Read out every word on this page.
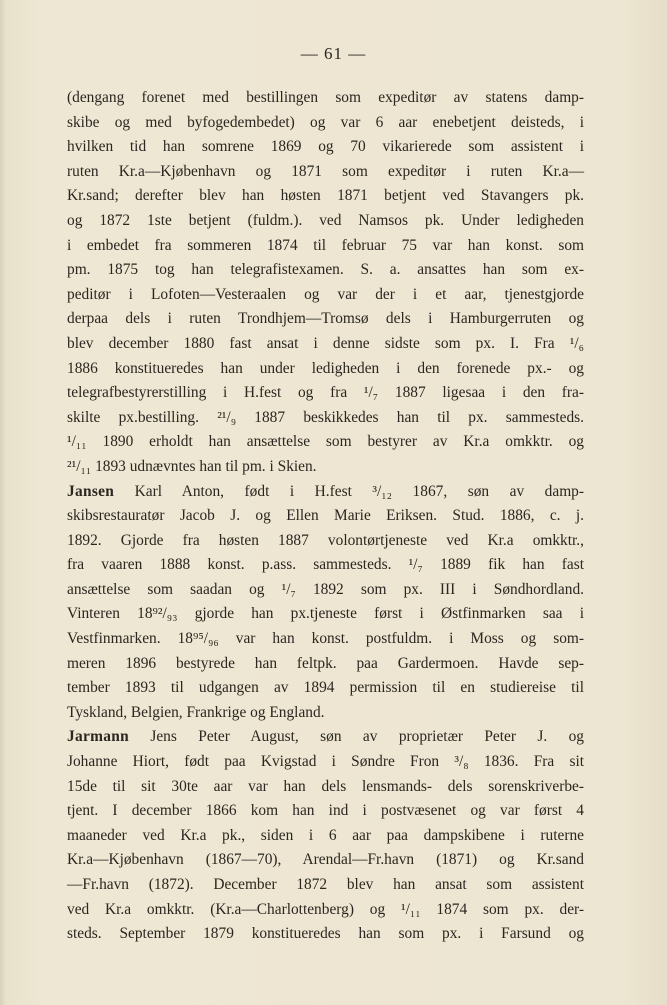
— 61 —
(dengang forenet med bestillingen som expeditør av statens damp-
skibe og med byfogedembedet) og var 6 aar enebetjent deisteds, i
hvilken tid han somrene 1869 og 70 vikarierede som assistent i
ruten Kr.a—Kjøbenhavn og 1871 som expeditør i ruten Kr.a—
Kr.sand; derefter blev han høsten 1871 betjent ved Stavangers pk.
og 1872 1ste betjent (fuldm.). ved Namsos pk. Under ledigheden
i embedet fra sommeren 1874 til februar 75 var han konst. som
pm. 1875 tog han telegrafistexamen. S. a. ansattes han som ex-
peditør i Lofoten—Vesteraalen og var der i et aar, tjenestgjorde
derpaa dels i ruten Trondhjem—Tromsø dels i Hamburgerruten og
blev december 1880 fast ansat i denne sidste som px. I. Fra ¹/₆
1886 konstitueredes han under ledigheden i den forenede px.- og
telegrafbestyrerstilling i H.fest og fra ¹/₇ 1887 ligesaa i den fra-
skilte px.bestilling. ²¹/₉ 1887 beskikkedes han til px. sammesteds.
¹/₁₁ 1890 erholdt han ansættelse som bestyrer av Kr.a omkktr. og
²¹/₁₁ 1893 udnævntes han til pm. i Skien.
Jansen Karl Anton, født i H.fest ³/₁₂ 1867, søn av damp-
skibsrestauratør Jacob J. og Ellen Marie Eriksen. Stud. 1886, c. j.
1892. Gjorde fra høsten 1887 volontørtjeneste ved Kr.a omkktr.,
fra vaaren 1888 konst. p.ass. sammesteds. ¹/₇ 1889 fik han fast
ansættelse som saadan og ¹/₇ 1892 som px. III i Søndhordland.
Vinteren 18⁹²/₉₃ gjorde han px.tjeneste først i Østfinmarken saa i
Vestfinmarken. 18⁹⁵/₉₆ var han konst. postfuldm. i Moss og som-
meren 1896 bestyrede han feltpk. paa Gardermoen. Havde sep-
tember 1893 til udgangen av 1894 permission til en studiereise til
Tyskland, Belgien, Frankrige og England.
Jarmann Jens Peter August, søn av proprietær Peter J. og
Johanne Hiort, født paa Kvigstad i Søndre Fron ³/₈ 1836. Fra sit
15de til sit 30te aar var han dels lensmands- dels sorenskriverbe-
tjent. I december 1866 kom han ind i postvæsenet og var først 4
maaneder ved Kr.a pk., siden i 6 aar paa dampskibene i ruterne
Kr.a—Kjøbenhavn (1867—70), Arendal—Fr.havn (1871) og Kr.sand
—Fr.havn (1872). December 1872 blev han ansat som assistent
ved Kr.a omkktr. (Kr.a—Charlottenberg) og ¹/₁₁ 1874 som px. der-
steds. September 1879 konstitueredes han som px. i Farsund og
